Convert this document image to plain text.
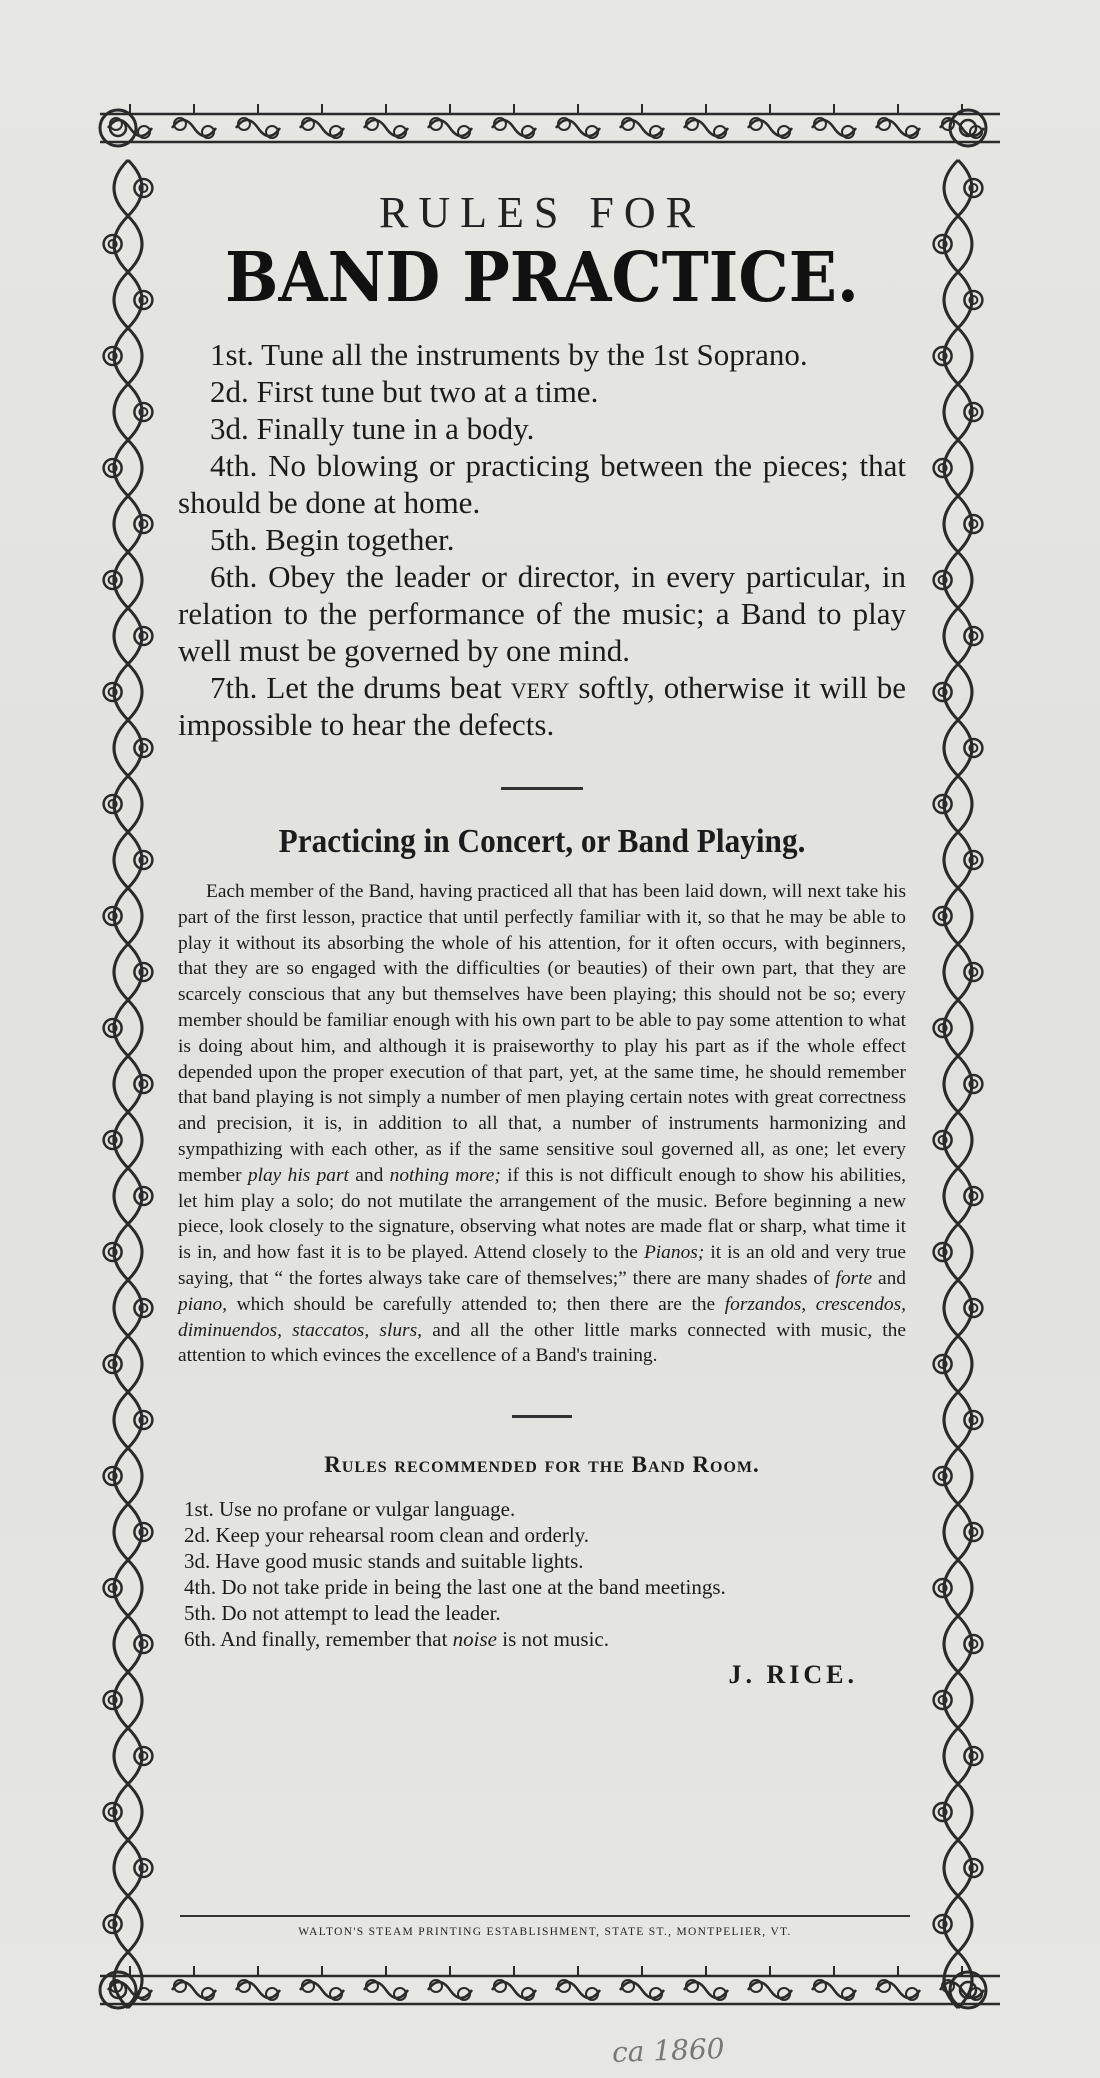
RULES FOR
BAND PRACTICE.
1st. Tune all the instruments by the 1st Soprano.
2d. First tune but two at a time.
3d. Finally tune in a body.
4th. No blowing or practicing between the pieces; that should be done at home.
5th. Begin together.
6th. Obey the leader or director, in every particular, in relation to the performance of the music; a Band to play well must be governed by one mind.
7th. Let the drums beat very softly, otherwise it will be impossible to hear the defects.
Practicing in Concert, or Band Playing.

Each member of the Band, having practiced all that has been laid down, will next take his part of the first lesson, practice that until perfectly familiar with it, so that he may be able to play it without its absorbing the whole of his attention, for it often occurs, with beginners, that they are so engaged with the difficulties (or beauties) of their own part, that they are scarcely conscious that any but themselves have been playing; this should not be so; every member should be familiar enough with his own part to be able to pay some attention to what is doing about him, and although it is praiseworthy to play his part as if the whole effect depended upon the proper execution of that part, yet, at the same time, he should remember that band playing is not simply a number of men playing certain notes with great correctness and precision, it is, in addition to all that, a number of instruments harmonizing and sympathizing with each other, as if the same sensitive soul governed all, as one; let every member play his part and nothing more; if this is not difficult enough to show his abilities, let him play a solo; do not mutilate the arrangement of the music. Before beginning a new piece, look closely to the signature, observing what notes are made flat or sharp, what time it is in, and how fast it is to be played. Attend closely to the Pianos; it is an old and very true saying, that “ the fortes always take care of themselves;” there are many shades of forte and piano, which should be carefully attended to; then there are the forzandos, crescendos, diminuendos, staccatos, slurs, and all the other little marks connected with music, the attention to which evinces the excellence of a Band's training.

Rules recommended for the Band Room.
1st. Use no profane or vulgar language.
2d. Keep your rehearsal room clean and orderly.
3d. Have good music stands and suitable lights.
4th. Do not take pride in being the last one at the band meetings.
5th. Do not attempt to lead the leader.
6th. And finally, remember that noise is not music.
J. RICE.
WALTON'S STEAM PRINTING ESTABLISHMENT, STATE ST., MONTPELIER, VT.
ca 1860
